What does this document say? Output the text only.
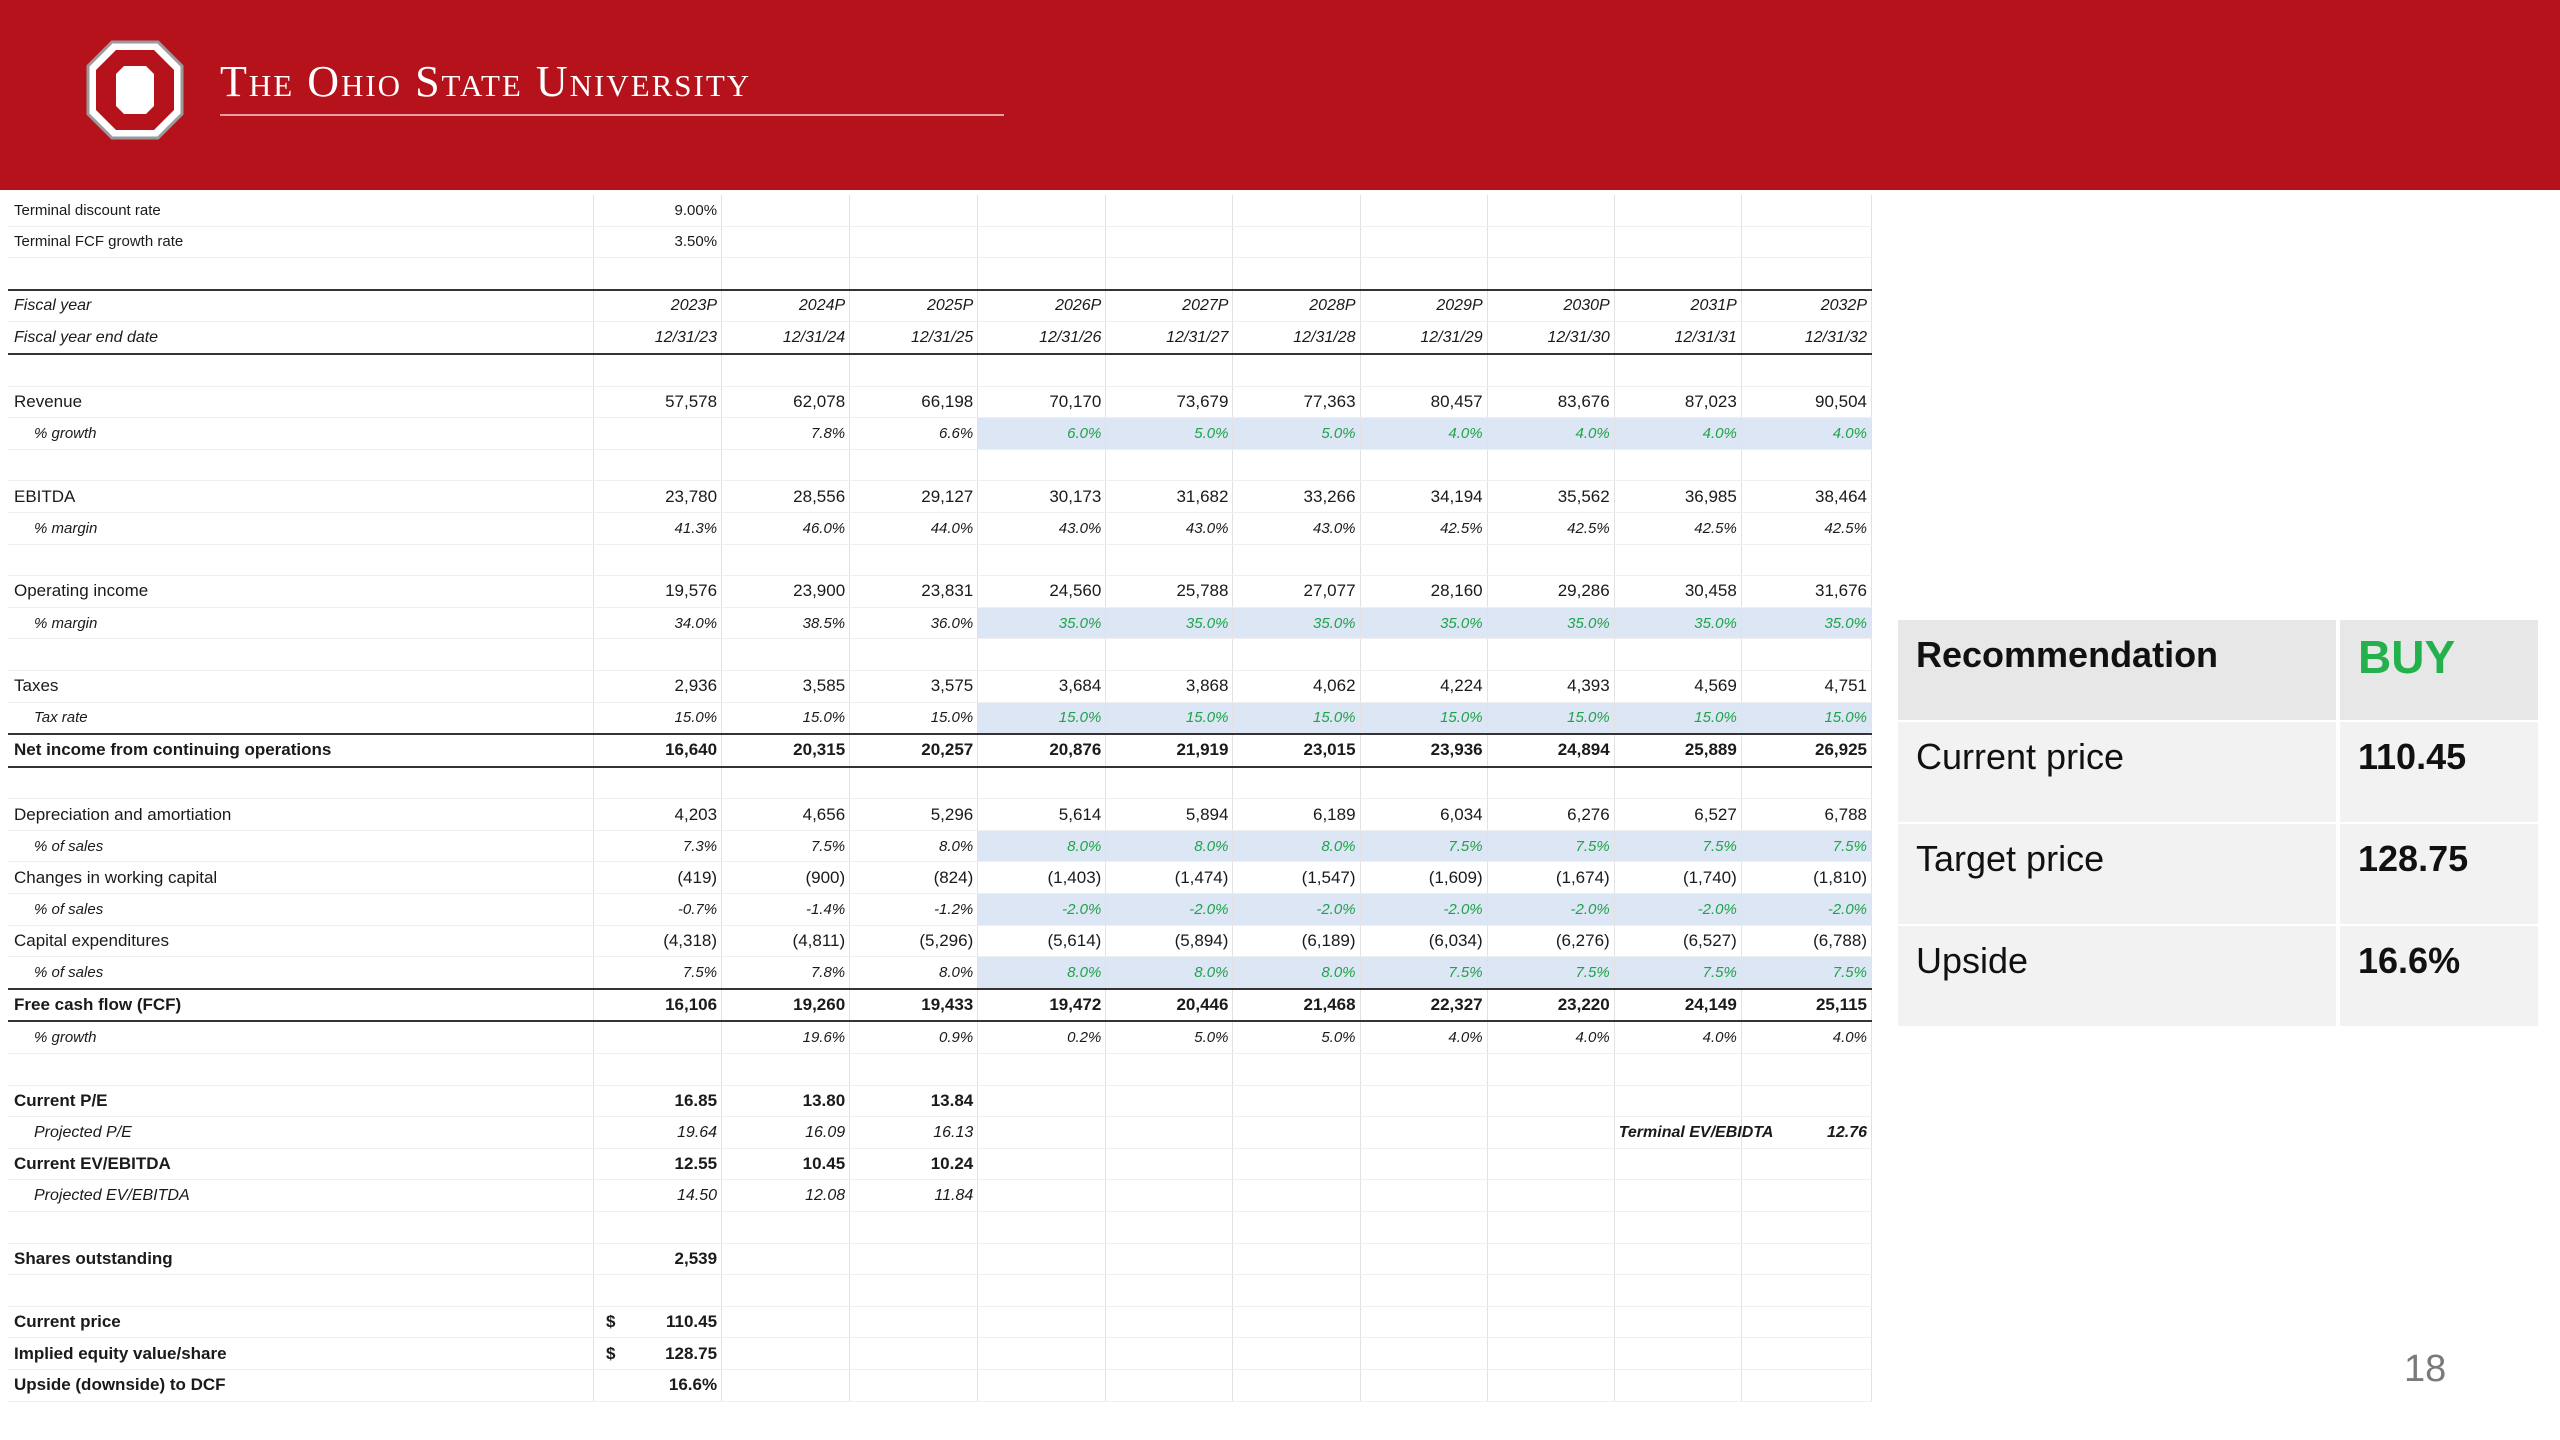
The Ohio State University
Terminal discount rate	9.00%									
Terminal FCF growth rate	3.50%									

Fiscal year	2023P	2024P	2025P	2026P	2027P	2028P	2029P	2030P	2031P	2032P
Fiscal year end date	12/31/23	12/31/24	12/31/25	12/31/26	12/31/27	12/31/28	12/31/29	12/31/30	12/31/31	12/31/32

Revenue	57,578	62,078	66,198	70,170	73,679	77,363	80,457	83,676	87,023	90,504
% growth		7.8%	6.6%	6.0%	5.0%	5.0%	4.0%	4.0%	4.0%	4.0%

EBITDA	23,780	28,556	29,127	30,173	31,682	33,266	34,194	35,562	36,985	38,464
% margin	41.3%	46.0%	44.0%	43.0%	43.0%	43.0%	42.5%	42.5%	42.5%	42.5%

Operating income	19,576	23,900	23,831	24,560	25,788	27,077	28,160	29,286	30,458	31,676
% margin	34.0%	38.5%	36.0%	35.0%	35.0%	35.0%	35.0%	35.0%	35.0%	35.0%

Taxes	2,936	3,585	3,575	3,684	3,868	4,062	4,224	4,393	4,569	4,751
Tax rate	15.0%	15.0%	15.0%	15.0%	15.0%	15.0%	15.0%	15.0%	15.0%	15.0%
Net income from continuing operations	16,640	20,315	20,257	20,876	21,919	23,015	23,936	24,894	25,889	26,925

Depreciation and amortiation	4,203	4,656	5,296	5,614	5,894	6,189	6,034	6,276	6,527	6,788
% of sales	7.3%	7.5%	8.0%	8.0%	8.0%	8.0%	7.5%	7.5%	7.5%	7.5%
Changes in working capital	(419)	(900)	(824)	(1,403)	(1,474)	(1,547)	(1,609)	(1,674)	(1,740)	(1,810)
% of sales	-0.7%	-1.4%	-1.2%	-2.0%	-2.0%	-2.0%	-2.0%	-2.0%	-2.0%	-2.0%
Capital expenditures	(4,318)	(4,811)	(5,296)	(5,614)	(5,894)	(6,189)	(6,034)	(6,276)	(6,527)	(6,788)
% of sales	7.5%	7.8%	8.0%	8.0%	8.0%	8.0%	7.5%	7.5%	7.5%	7.5%
Free cash flow (FCF)	16,106	19,260	19,433	19,472	20,446	21,468	22,327	23,220	24,149	25,115
% growth		19.6%	0.9%	0.2%	5.0%	5.0%	4.0%	4.0%	4.0%	4.0%

Current P/E	16.85	13.80	13.84							
Projected P/E	19.64	16.09	16.13						Terminal EV/EBIDTA	12.76
Current EV/EBITDA	12.55	10.45	10.24							
Projected EV/EBITDA	14.50	12.08	11.84							

Shares outstanding	2,539									

Current price	$ 110.45									
Implied equity value/share	$ 128.75									
Upside (downside) to DCF	16.6%									
Recommendation	BUY
Current price	110.45
Target price	128.75
Upside	16.6%
18
